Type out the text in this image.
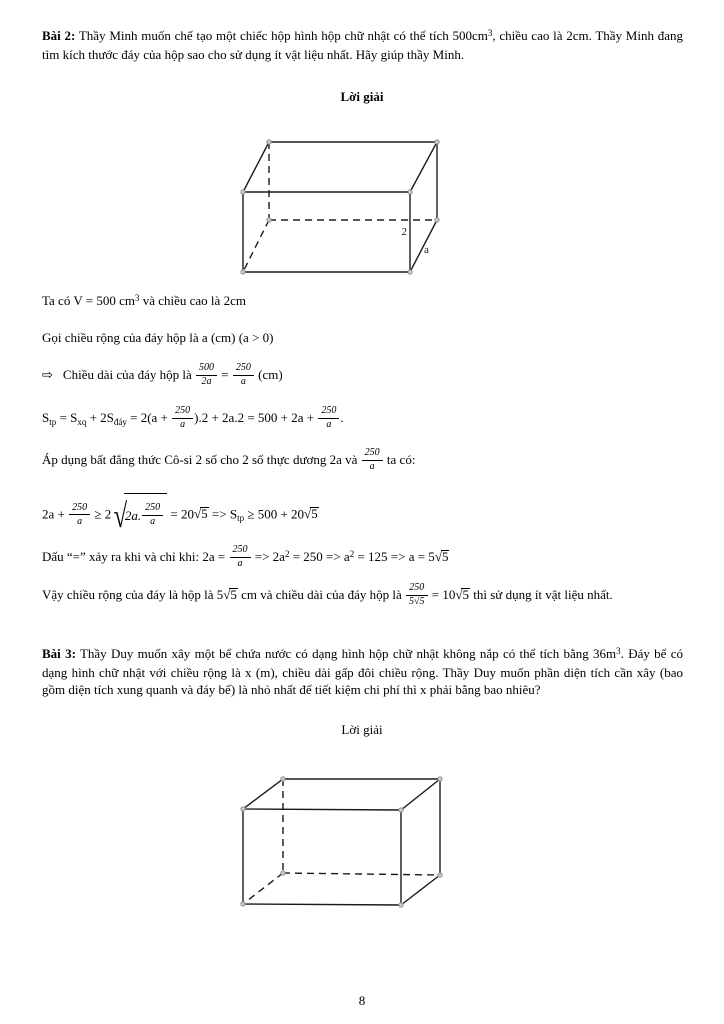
Bài 2: Thầy Minh muốn chế tạo một chiếc hộp hình hộp chữ nhật có thể tích $500cm^3$, chiều cao là 2cm. Thầy Minh đang tìm kích thước đáy của hộp sao cho sử dụng ít vật liệu nhất. Hãy giúp thầy Minh.
Lời giải
2
a
Ta có V = 500 $cm^3$ và chiều cao là 2cm
Gọi chiều rộng của đáy hộp là a (cm) (a > 0)
⇨ Chiều dài của đáy hộp là $\frac{500}{2a} = \frac{250}{a} (cm)$
$S_{tp} = S_{xq} + 2S_{đáy} = 2(a + \frac{250}{a} ).2 + 2a.2 = 500 + 2a + \frac{250}{a}$ .
Áp dụng bất đẳng thức Cô-si 2 số cho 2 số thực dương 2a và $\frac{250}{a}$ ta có:
$2a + \frac{250}{a} \ge 2$ √
2a. $\frac{250}{a} = 20√5 => S_{tp} \ge 500 + 20√5$
Dấu “=” xảy ra khi và chỉ khi: $2a = \frac{250}{a} => 2a^2 = 250 => a^2 = 125 => a = 5√5$
Vậy chiều rộng của đáy là hộp là 5√5 cm và chiều dài của đáy hộp là $\frac{250}{5√5} = 10√5$ thì sử dụng ít vật liệu nhất.
Bài 3: Thầy Duy muốn xây một bể chứa nước có dạng hình hộp chữ nhật không nắp có thể tích bằng $36m^3$. Đáy bể có dạng hình chữ nhật với chiều rộng là x (m), chiều dài gấp đôi chiều rộng. Thầy Duy muốn phần diện tích cần xây (bao gồm diện tích xung quanh và đáy bể) là nhỏ nhất để tiết kiệm chi phí thì x phải bằng bao nhiêu?
Lời giải
8
